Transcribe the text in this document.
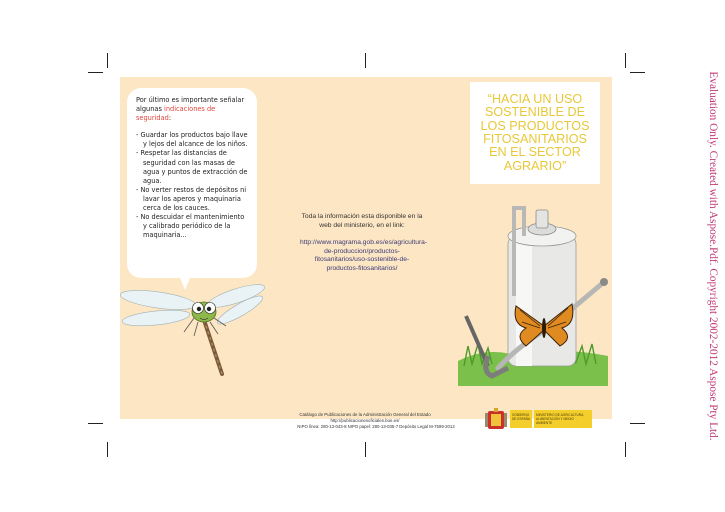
Por último es importante señalar algunas indicaciones de seguridad:
- Guardar los productos bajo llave y lejos del alcance de los niños.
- Respetar las distancias de seguridad con las masas de agua y puntos de extracción de agua.
- No verter restos de depósitos ni lavar los aperos y maquinaria cerca de los cauces.
- No descuidar el mantenimiento y calibrado periódico de la maquinaria...
“HACIA UN USO SOSTENIBLE DE LOS PRODUCTOS FITOSANITARIOS EN EL SECTOR AGRARIO”
Toda la información esta disponible en la web del ministerio, en el link:
http://www.magrama.gob.es/es/agricultura-de-produccion/productos-fitosanitarios/uso-sostenible-de-productos-fitosanitarios/
Catálogo de Publicaciones de la Administración General del Estado
http://publicacionesoficiales.boe.es/
NIPO línea: 280-13-043-8 NIPO papel: 280-13-035-7 Depósito Legal M-7599-2013
GOBIERNO DE ESPAÑA
MINISTERIO DE AGRICULTURA, ALIMENTACIÓN Y MEDIO AMBIENTE	Evaluation Only. Created with Aspose.Pdf. Copyright 2002-2012 Aspose Pty Ltd.
